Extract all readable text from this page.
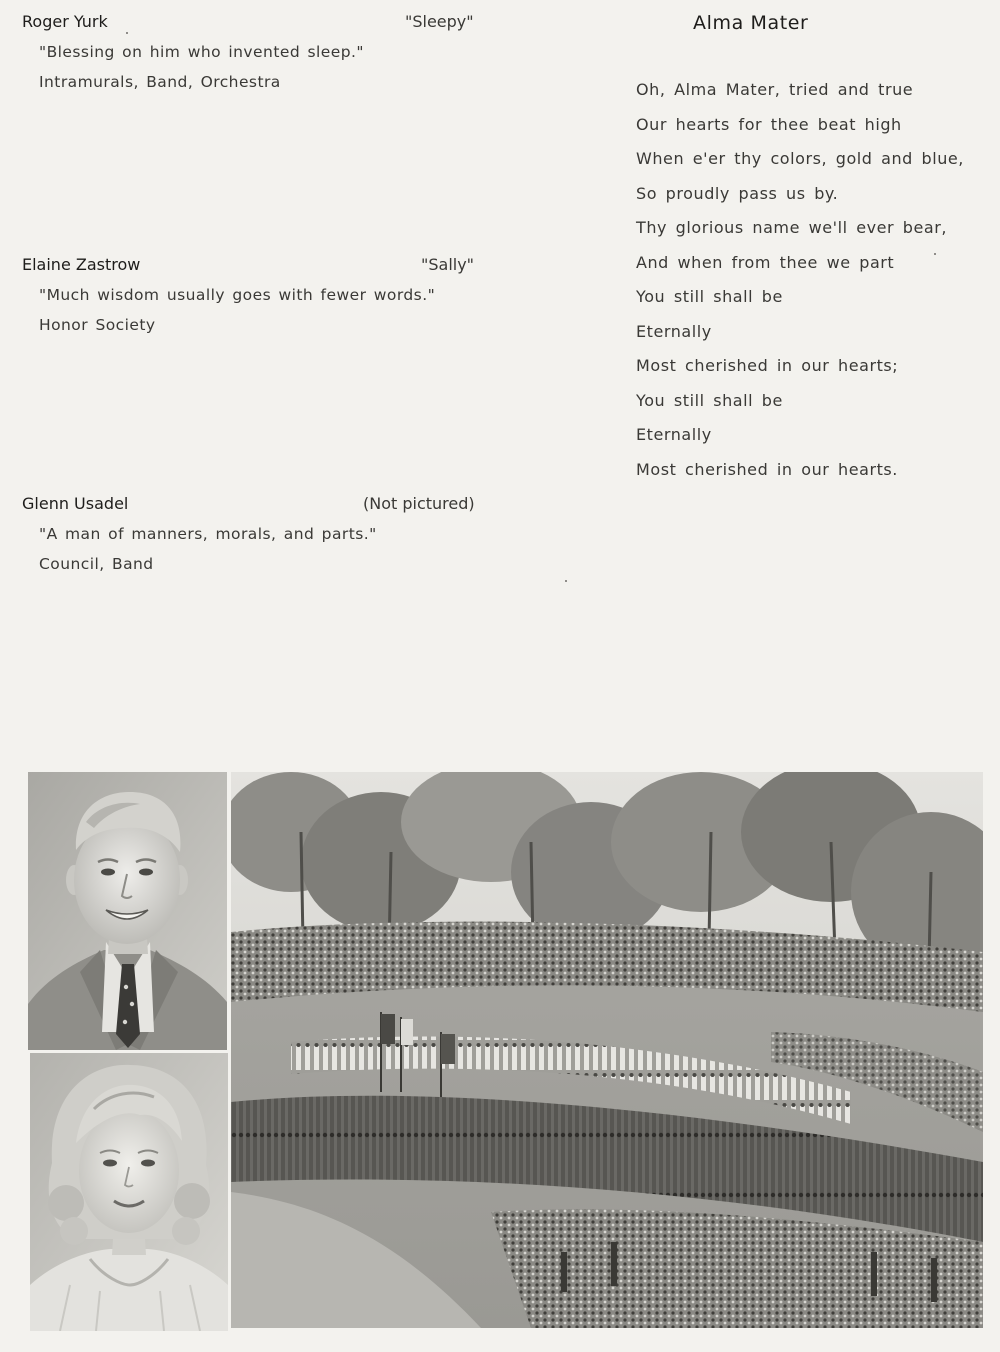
Roger Yurk	"Sleepy"
"Blessing on him who invented sleep."
Intramurals, Band, Orchestra
Elaine Zastrow	"Sally"
"Much wisdom usually goes with fewer words."
Honor Society
Glenn Usadel	(Not pictured)
"A man of manners, morals, and parts."
Council, Band
Alma Mater
Oh, Alma Mater, tried and true
Our hearts for thee beat high
When e'er thy colors, gold and blue,
So proudly pass us by.
Thy glorious name we'll ever bear,
And when from thee we part
You still shall be
Eternally
Most cherished in our hearts;
You still shall be
Eternally
Most cherished in our hearts.
